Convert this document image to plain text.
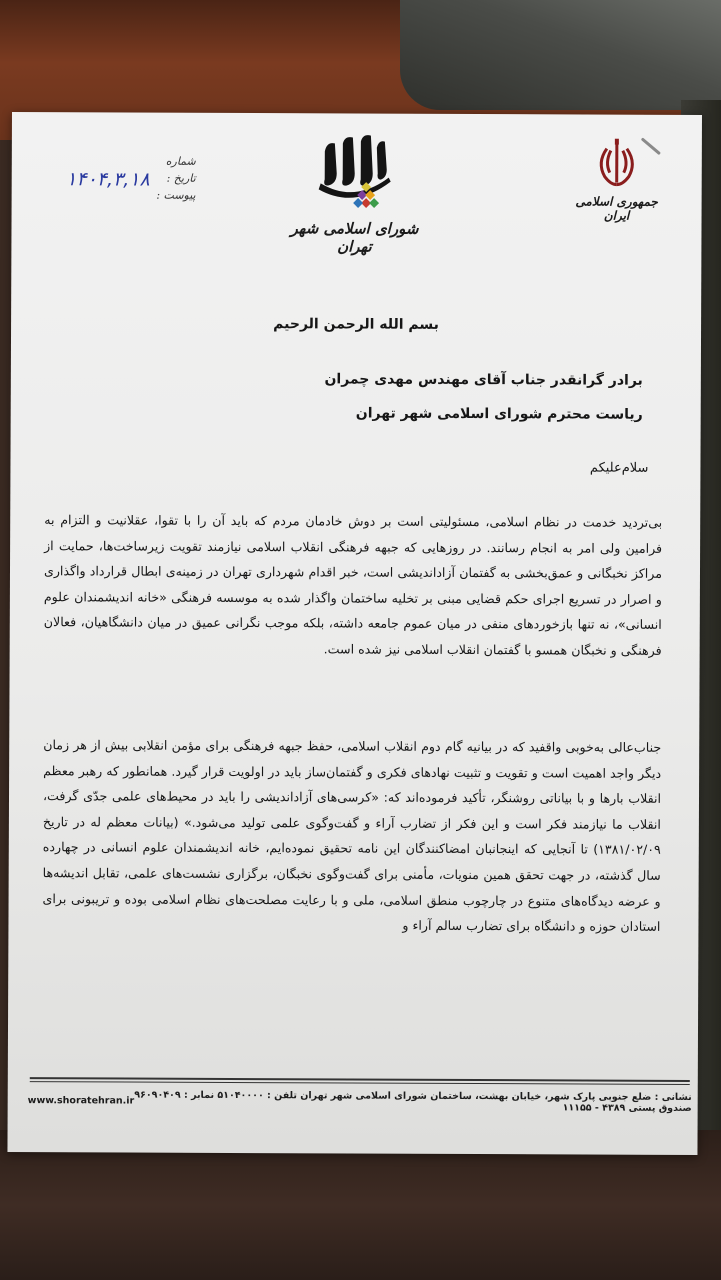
شماره
تاریخ :
۱۴۰۴,۳,۱۸
پیوست :
شورای اسلامی شهر تهران
جمهوری اسلامی ایران
بسم الله الرحمن الرحیم
برادر گرانقدر جناب آقای مهندس مهدی چمران
ریاست محترم شورای اسلامی شهر تهران
سلام‌علیکم
بی‌تردید خدمت در نظام اسلامی، مسئولیتی است بر دوش خادمان مردم که باید آن را با تقوا، عقلانیت و التزام به فرامین ولی امر به انجام رسانند. در روزهایی که جبهه فرهنگی انقلاب اسلامی نیازمند تقویت زیرساخت‌ها، حمایت از مراکز نخبگانی و عمق‌بخشی به گفتمان آزاداندیشی است، خبر اقدام شهرداری تهران در زمینه‌ی ابطال قرارداد واگذاری و اصرار در تسریع اجرای حکم قضایی مبنی بر تخلیه ساختمان واگذار شده به موسسه فرهنگی «خانه اندیشمندان علوم انسانی»، نه تنها بازخوردهای منفی در میان عموم جامعه داشته، بلکه موجب نگرانی عمیق در میان دانشگاهیان، فعالان فرهنگی و نخبگان همسو با گفتمان انقلاب اسلامی نیز شده است.
جناب‌عالی به‌خوبی واقفید که در بیانیه گام دوم انقلاب اسلامی، حفظ جبهه فرهنگی برای مؤمن انقلابی بیش از هر زمان دیگر واجد اهمیت است و تقویت و تثبیت نهادهای فکری و گفتمان‌ساز باید در اولویت قرار گیرد. همانطور که رهبر معظم انقلاب بارها و با بیاناتی روشنگر، تأکید فرموده‌اند که: «کرسی‌های آزاداندیشی را باید در محیط‌های علمی جدّی گرفت، انقلاب ما نیازمند فکر است و این فکر از تضارب آراء و گفت‌وگوی علمی تولید می‌شود.» (بیانات معظم له در تاریخ ۱۳۸۱/۰۲/۰۹) تا آنجایی که اینجانبان امضاکنندگان این نامه تحقیق نموده‌ایم، خانه اندیشمندان علوم انسانی در چهارده سال گذشته، در جهت تحقق همین منویات، مأمنی برای گفت‌وگوی نخبگان، برگزاری نشست‌های علمی، تقابل اندیشه‌ها و عرضه دیدگاه‌های متنوع در چارچوب منطق اسلامی، ملی و با رعایت مصلحت‌های نظام اسلامی بوده و تریبونی برای استادان حوزه و دانشگاه برای تضارب سالم آراء و
www.shoratehran.ir نشانی : ضلع جنوبی پارک شهر، خیابان بهشت، ساختمان شورای اسلامی شهر تهران تلفن : ۵۱۰۴۰۰۰۰ نمابر : ۹۶۰۹۰۴۰۹ صندوق پستی ۴۳۸۹ - ۱۱۱۵۵
